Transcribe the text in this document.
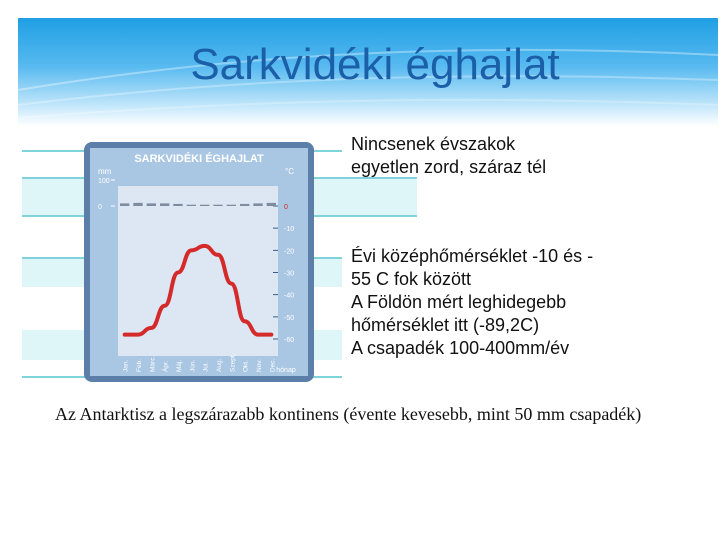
Sarkvidéki éghajlat
SARKVIDÉKI ÉGHAJLAT
mm	°C
100
0	0
-10
-20
-30
-40
-50
-60
Jan. Feb. Márc. Ápr. Máj. Jún. Júl. Aug. Szept. Okt. Nov. Dec. hónap
Nincsenek évszakok
egyetlen zord, száraz tél
Évi középhőmérséklet -10 és -
55 C fok között
A Földön mért leghidegebb
hőmérséklet itt (-89,2C)
A csapadék 100-400mm/év
Az Antarktisz a legszárazabb kontinens (évente kevesebb, mint 50 mm csapadék)
